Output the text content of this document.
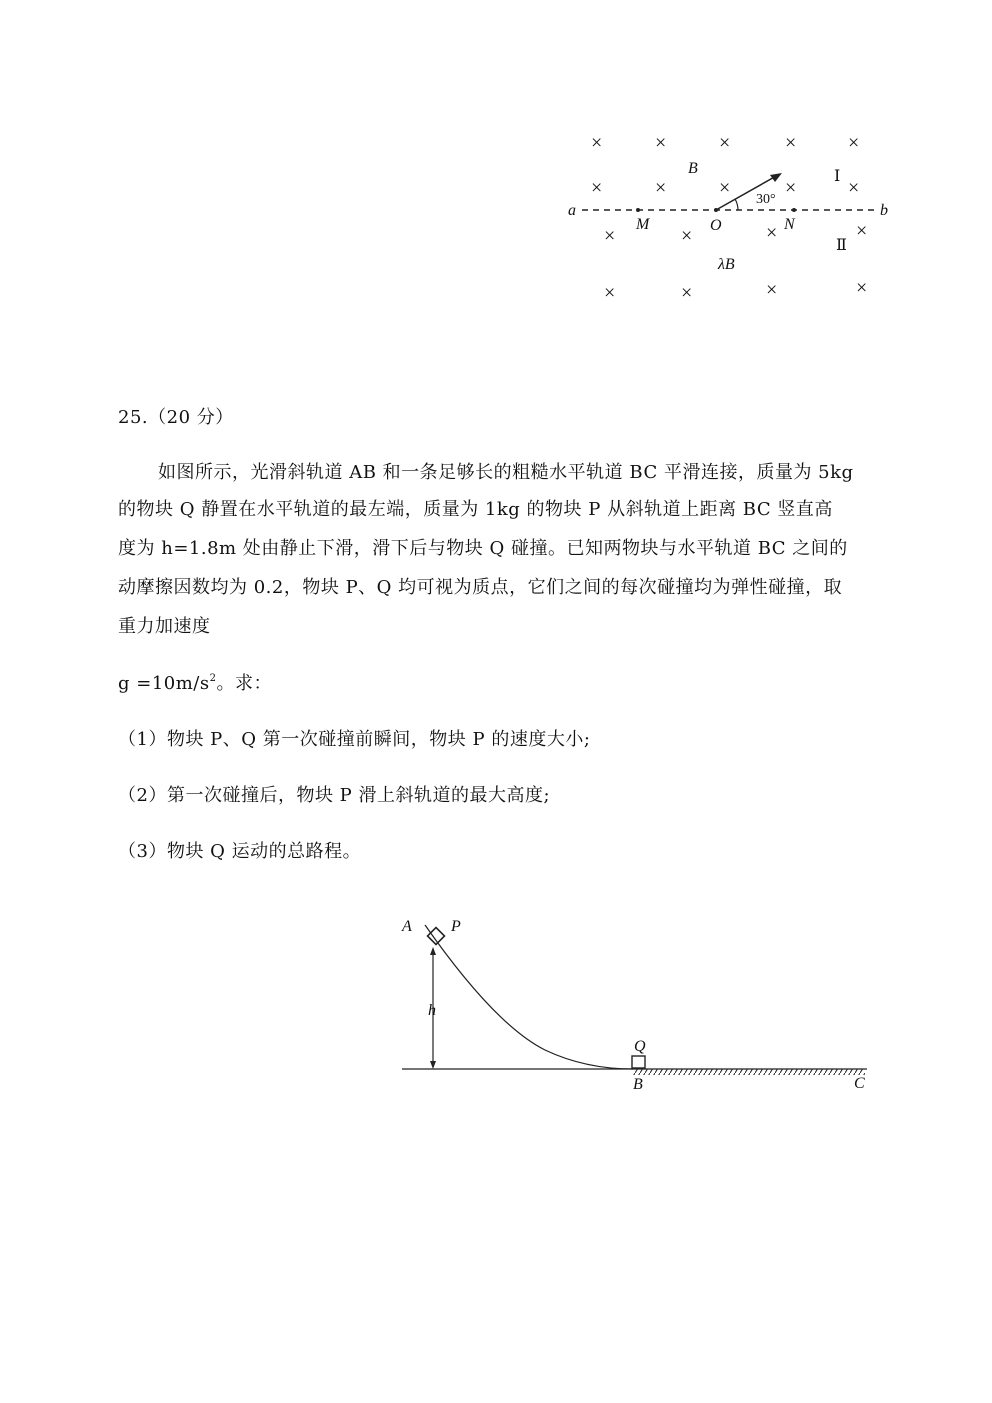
×	×	×	×	×
×	×	×	×	×
×	×	×	×
×	×	×	×
a	b
M	O	N
B
λB
30°
Ⅰ
Ⅱ
25.（20 分）
如图所示，光滑斜轨道 AB 和一条足够长的粗糙水平轨道 BC 平滑连接，质量为 5kg
的物块 Q 静置在水平轨道的最左端，质量为 1kg 的物块 P 从斜轨道上距离 BC 竖直高
度为 h=1.8m 处由静止下滑，滑下后与物块 Q 碰撞。已知两物块与水平轨道 BC 之间的
动摩擦因数均为 0.2，物块 P、Q 均可视为质点，它们之间的每次碰撞均为弹性碰撞，取
重力加速度
$g =10m/s^2$。求：
（1）物块 P、Q 第一次碰撞前瞬间，物块 P 的速度大小;
（2）第一次碰撞后，物块 P 滑上斜轨道的最大高度;
（3）物块 Q 运动的总路程。
A P
h
Q
B	C
